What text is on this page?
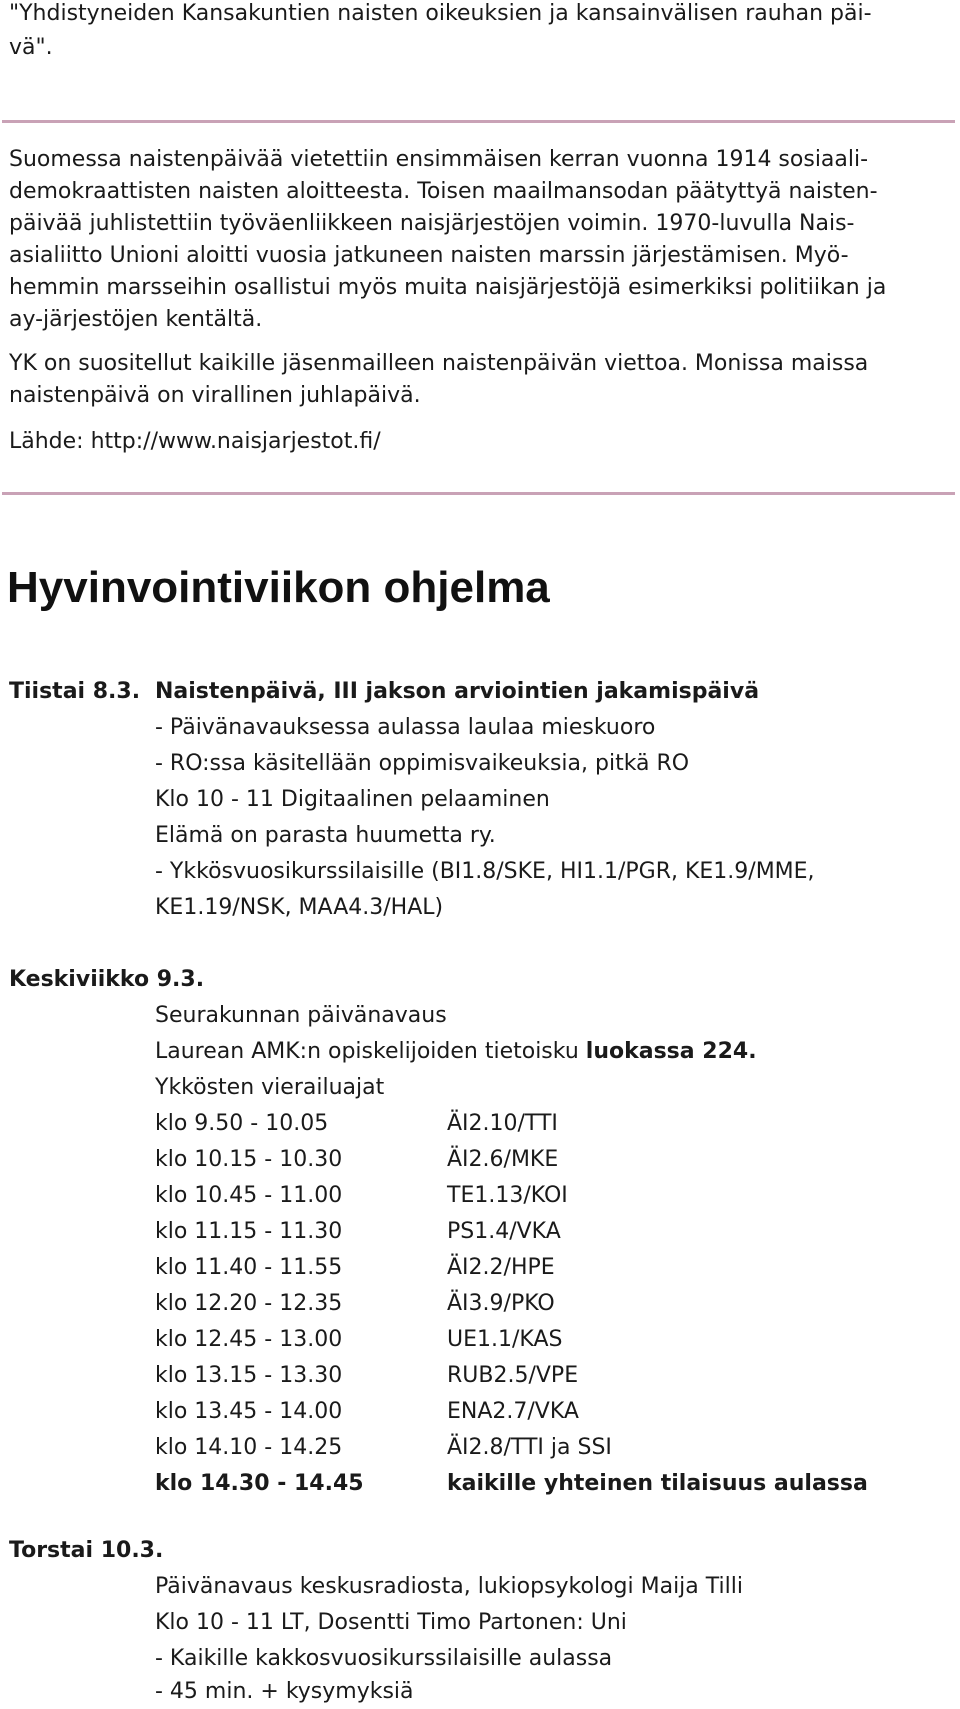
"Yhdistyneiden Kansakuntien naisten oikeuksien ja kansainvälisen rauhan päi-
vä".
Suomessa naistenpäivää vietettiin ensimmäisen kerran vuonna 1914 sosiaali-
demokraattisten naisten aloitteesta. Toisen maailmansodan päätyttyä naisten-
päivää juhlistettiin työväenliikkeen naisjärjestöjen voimin. 1970-luvulla Nais-
asialiitto Unioni aloitti vuosia jatkuneen naisten marssin järjestämisen. Myö-
hemmin marsseihin osallistui myös muita naisjärjestöjä esimerkiksi politiikan ja
ay-järjestöjen kentältä.
YK on suositellut kaikille jäsenmailleen naistenpäivän viettoa. Monissa maissa
naistenpäivä on virallinen juhlapäivä.
Lähde: http://www.naisjarjestot.fi/
Hyvinvointiviikon ohjelma
Tiistai 8.3. Naistenpäivä, III jakson arviointien jakamispäivä
- Päivänavauksessa aulassa laulaa mieskuoro
- RO:ssa käsitellään oppimisvaikeuksia, pitkä RO
Klo 10 - 11 Digitaalinen pelaaminen
Elämä on parasta huumetta ry.
- Ykkösvuosikurssilaisille (BI1.8/SKE, HI1.1/PGR, KE1.9/MME,
KE1.19/NSK, MAA4.3/HAL)
Keskiviikko 9.3.
Seurakunnan päivänavaus
Laurean AMK:n opiskelijoiden tietoisku luokassa 224.
Ykkösten vierailuajat
klo 9.50 - 10.05	ÄI2.10/TTI
klo 10.15 - 10.30	ÄI2.6/MKE
klo 10.45 - 11.00	TE1.13/KOI
klo 11.15 - 11.30	PS1.4/VKA
klo 11.40 - 11.55	ÄI2.2/HPE
klo 12.20 - 12.35	ÄI3.9/PKO
klo 12.45 - 13.00	UE1.1/KAS
klo 13.15 - 13.30	RUB2.5/VPE
klo 13.45 - 14.00	ENA2.7/VKA
klo 14.10 - 14.25	ÄI2.8/TTI ja SSI
klo 14.30 - 14.45	kaikille yhteinen tilaisuus aulassa
Torstai 10.3.
Päivänavaus keskusradiosta, lukiopsykologi Maija Tilli
Klo 10 - 11 LT, Dosentti Timo Partonen: Uni
- Kaikille kakkosvuosikurssilaisille aulassa
- 45 min. + kysymyksiä
